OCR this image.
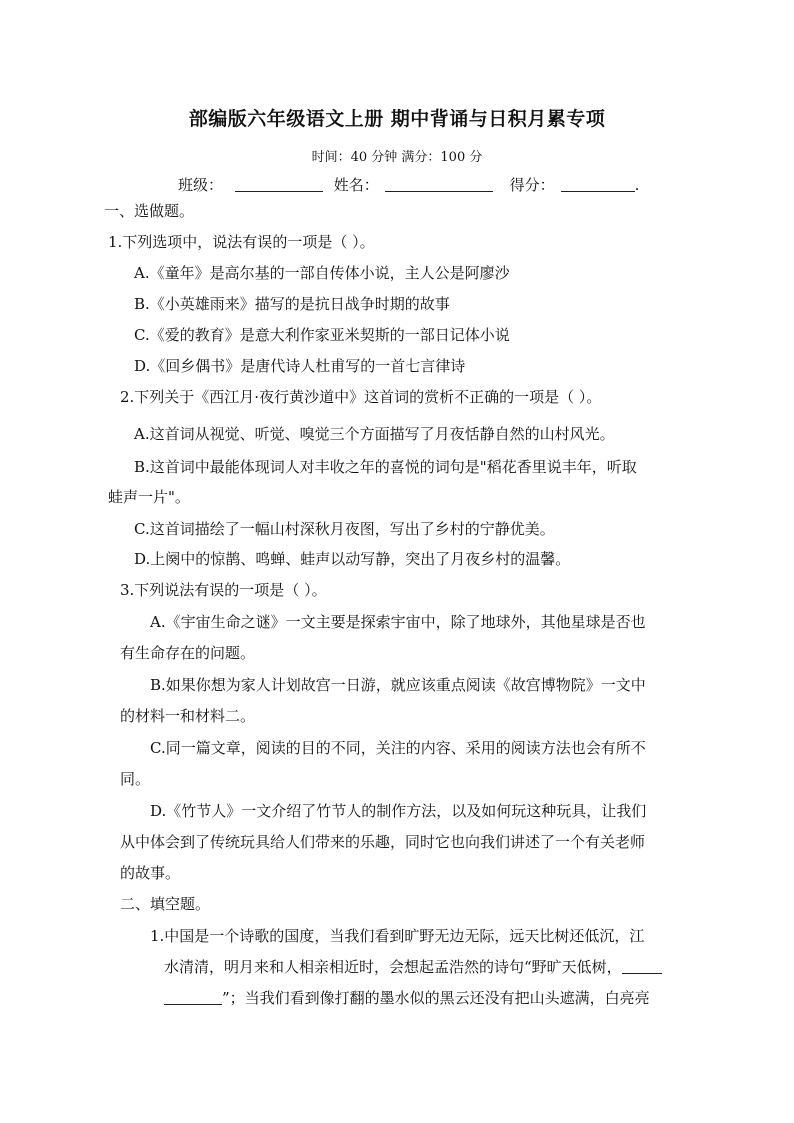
部编版六年级语文上册 期中背诵与日积月累专项
时间：40 分钟 满分：100 分
班级：	姓名：	得分：	.
一、选做题。
1.下列选项中，说法有误的一项是（ ）。
A.《童年》是高尔基的一部自传体小说，主人公是阿廖沙
B.《小英雄雨来》描写的是抗日战争时期的故事
C.《爱的教育》是意大利作家亚米契斯的一部日记体小说
D.《回乡偶书》是唐代诗人杜甫写的一首七言律诗
2.下列关于《西江月·夜行黄沙道中》这首词的赏析不正确的一项是（ ）。
A.这首词从视觉、听觉、嗅觉三个方面描写了月夜恬静自然的山村风光。
B.这首词中最能体现词人对丰收之年的喜悦的词句是"稻花香里说丰年，听取
蛙声一片"。
C.这首词描绘了一幅山村深秋月夜图，写出了乡村的宁静优美。
D.上阕中的惊鹊、鸣蝉、蛙声以动写静，突出了月夜乡村的温馨。
3.下列说法有误的一项是（ ）。
A.《宇宙生命之谜》一文主要是探索宇宙中，除了地球外，其他星球是否也
有生命存在的问题。
B.如果你想为家人计划故宫一日游，就应该重点阅读《故宫博物院》一文中
的材料一和材料二。
C.同一篇文章，阅读的目的不同，关注的内容、采用的阅读方法也会有所不
同。
D.《竹节人》一文介绍了竹节人的制作方法，以及如何玩这种玩具，让我们
从中体会到了传统玩具给人们带来的乐趣，同时它也向我们讲述了一个有关老师
的故事。
二、填空题。
1.中国是一个诗歌的国度，当我们看到旷野无边无际，远天比树还低沉，江
水清清，明月来和人相亲相近时，会想起孟浩然的诗句“野旷天低树，
”；当我们看到像打翻的墨水似的黑云还没有把山头遮满，白亮亮
